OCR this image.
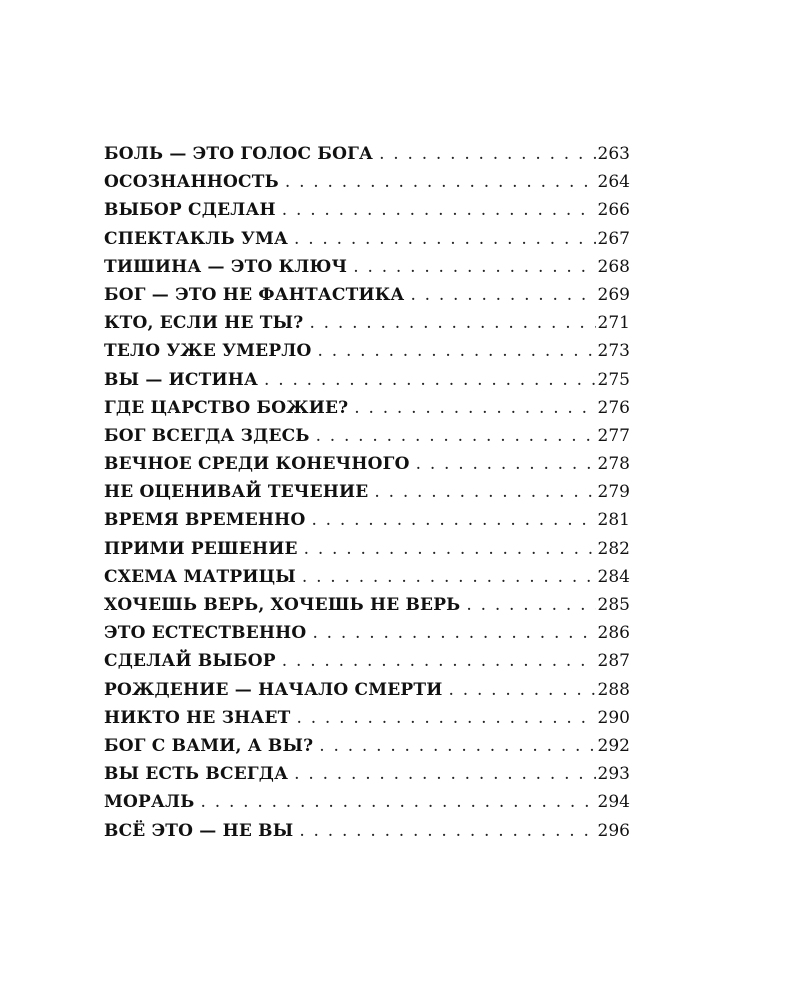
БОЛЬ — ЭТО ГОЛОС БОГА . . .	263
ОСОЗНАННОСТЬ . . .	264
ВЫБОР СДЕЛАН . . .	266
СПЕКТАКЛЬ УМА . . .	267
ТИШИНА — ЭТО КЛЮЧ . . .	268
БОГ — ЭТО НЕ ФАНТАСТИКА . . .	269
КТО, ЕСЛИ НЕ ТЫ? . . .	271
ТЕЛО УЖЕ УМЕРЛО . . .	273
ВЫ — ИСТИНА . . .	275
ГДЕ ЦАРСТВО БОЖИЕ? . . .	276
БОГ ВСЕГДА ЗДЕСЬ . . .	277
ВЕЧНОЕ СРЕДИ КОНЕЧНОГО . . .	278
НЕ ОЦЕНИВАЙ ТЕЧЕНИЕ . . .	279
ВРЕМЯ ВРЕМЕННО . . .	281
ПРИМИ РЕШЕНИЕ . . .	282
СХЕМА МАТРИЦЫ . . .	284
ХОЧЕШЬ ВЕРЬ, ХОЧЕШЬ НЕ ВЕРЬ . . .	285
ЭТО ЕСТЕСТВЕННО . . .	286
СДЕЛАЙ ВЫБОР . . .	287
РОЖДЕНИЕ — НАЧАЛО СМЕРТИ . . .	288
НИКТО НЕ ЗНАЕТ . . .	290
БОГ С ВАМИ, А ВЫ? . . .	292
ВЫ ЕСТЬ ВСЕГДА . . .	293
МОРАЛЬ . . .	294
ВСЁ ЭТО — НЕ ВЫ . . .	296
